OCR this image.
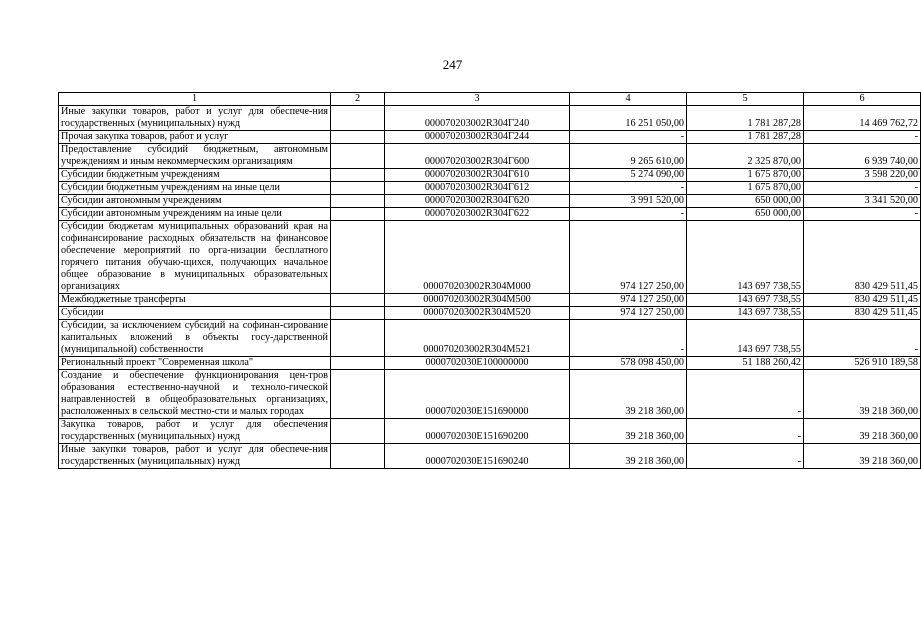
247
1	2	3	4	5	6
Иные закупки товаров, работ и услуг для обеспече-ния государственных (муниципальных) нужд		000070203002R304Г240	16 251 050,00	1 781 287,28	14 469 762,72
Прочая закупка товаров, работ и услуг		000070203002R304Г244	-	1 781 287,28	-
Предоставление субсидий бюджетным, автономным учреждениям и иным некоммерческим организациям		000070203002R304Г600	9 265 610,00	2 325 870,00	6 939 740,00
Субсидии бюджетным учреждениям		000070203002R304Г610	5 274 090,00	1 675 870,00	3 598 220,00
Субсидии бюджетным учреждениям на иные цели		000070203002R304Г612	-	1 675 870,00	-
Субсидии автономным учреждениям		000070203002R304Г620	3 991 520,00	650 000,00	3 341 520,00
Субсидии автономным учреждениям на иные цели		000070203002R304Г622	-	650 000,00	-
Субсидии бюджетам муниципальных образований края на софинансирование расходных обязательств на финансовое обеспечение мероприятий по орга-низации бесплатного горячего питания обучаю-щихся, получающих начальное общее образование в муниципальных образовательных организациях		000070203002R304М000	974 127 250,00	143 697 738,55	830 429 511,45
Межбюджетные трансферты		000070203002R304М500	974 127 250,00	143 697 738,55	830 429 511,45
Субсидии		000070203002R304М520	974 127 250,00	143 697 738,55	830 429 511,45
Субсидии, за исключением субсидий на софинан-сирование капитальных вложений в объекты госу-дарственной (муниципальной) собственности		000070203002R304М521	-	143 697 738,55	-
Региональный проект "Современная школа"		0000702030E100000000	578 098 450,00	51 188 260,42	526 910 189,58
Создание и обеспечение функционирования цен-тров образования естественно-научной и техноло-гической направленностей в общеобразовательных организациях, расположенных в сельской местно-сти и малых городах		0000702030E151690000	39 218 360,00	-	39 218 360,00
Закупка товаров, работ и услуг для обеспечения государственных (муниципальных) нужд		0000702030E151690200	39 218 360,00	-	39 218 360,00
Иные закупки товаров, работ и услуг для обеспече-ния государственных (муниципальных) нужд		0000702030E151690240	39 218 360,00	-	39 218 360,00
